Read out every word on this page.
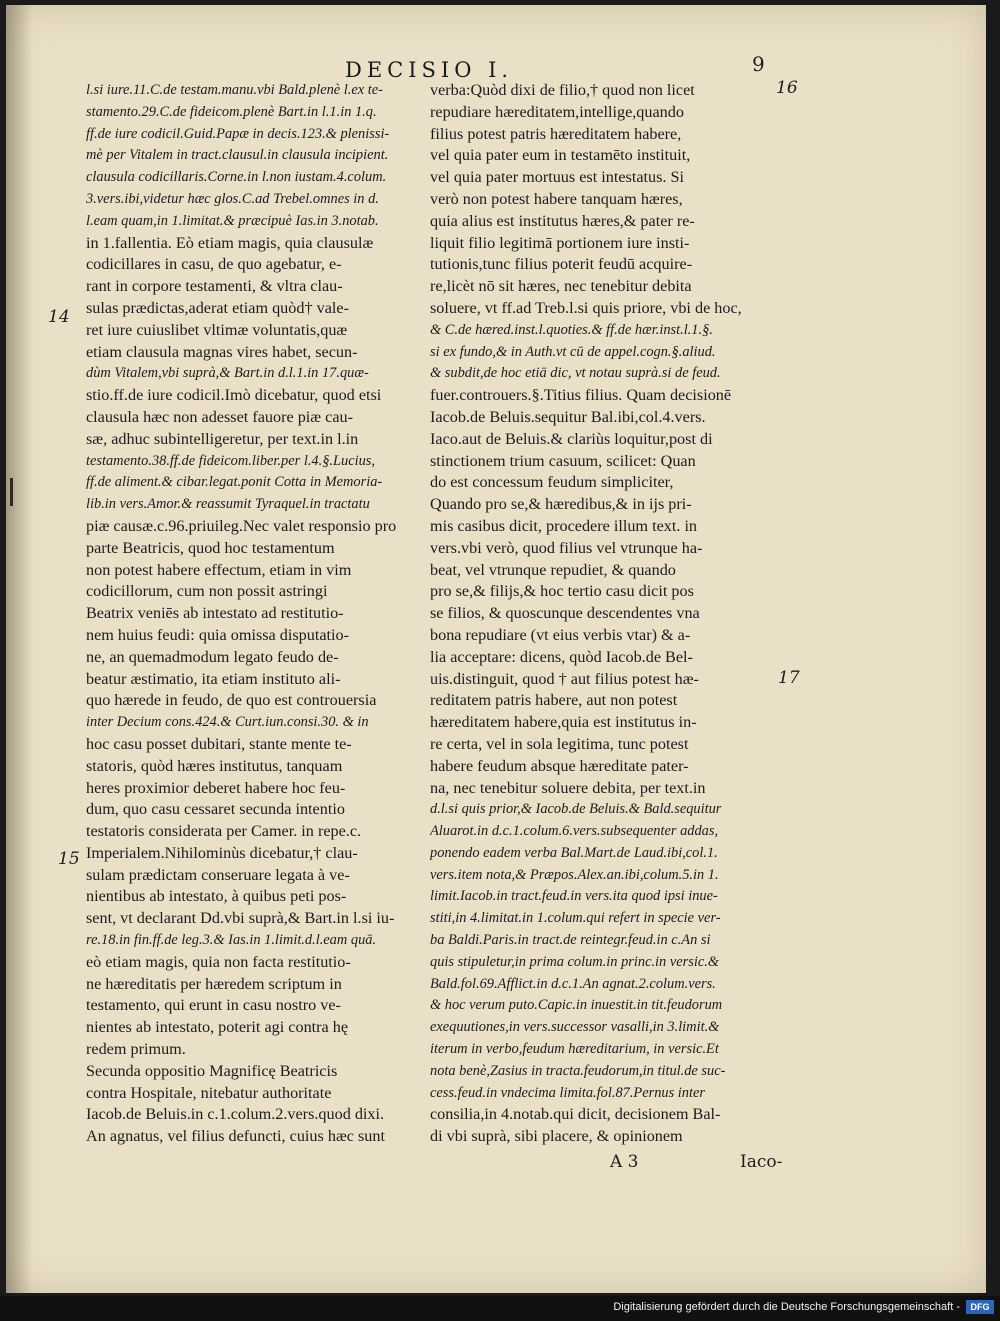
DECISIO I.	9
14
15
16
17
l.si iure.11.C.de testam.manu.vbi Bald.plenè l.ex te-
stamento.29.C.de fideicom.plenè Bart.in l.1.in 1.q.
ff.de iure codicil.Guid.Papæ in decis.123.& plenissi-
mè per Vitalem in tract.clausul.in clausula incipient.
clausula codicillaris.Corne.in l.non iustam.4.colum.
3.vers.ibi,videtur hæc glos.C.ad Trebel.omnes in d.
l.eam quam,in 1.limitat.& præcipuè Ias.in 3.notab.
in 1.fallentia. Eò etiam magis, quia clausulæ
codicillares in casu, de quo agebatur, e-
rant in corpore testamenti, & vltra clau-
sulas prædictas,aderat etiam quòd† vale-
ret iure cuiuslibet vltimæ voluntatis,quæ
etiam clausula magnas vires habet, secun-
dùm Vitalem,vbi suprà,& Bart.in d.l.1.in 17.quæ-
stio.ff.de iure codicil.Imò dicebatur, quod etsi
clausula hæc non adesset fauore piæ cau-
sæ, adhuc subintelligeretur, per text.in l.in
testamento.38.ff.de fideicom.liber.per l.4.§.Lucius,
ff.de aliment.& cibar.legat.ponit Cotta in Memoria-
lib.in vers.Amor.& reassumit Tyraquel.in tractatu
piæ causæ.c.96.priuileg.Nec valet responsio pro
parte Beatricis, quod hoc testamentum
non potest habere effectum, etiam in vim
codicillorum, cum non possit astringi
Beatrix veniēs ab intestato ad restitutio-
nem huius feudi: quia omissa disputatio-
ne, an quemadmodum legato feudo de-
beatur æstimatio, ita etiam instituto ali-
quo hærede in feudo, de quo est controuersia
inter Decium cons.424.& Curt.iun.consi.30. & in
hoc casu posset dubitari, stante mente te-
statoris, quòd hæres institutus, tanquam
heres proximior deberet habere hoc feu-
dum, quo casu cessaret secunda intentio
testatoris considerata per Camer. in repe.c.
Imperialem.Nihilominùs dicebatur,† clau-
sulam prædictam conseruare legata à ve-
nientibus ab intestato, à quibus peti pos-
sent, vt declarant Dd.vbi suprà,& Bart.in l.si iu-
re.18.in fin.ff.de leg.3.& Ias.in 1.limit.d.l.eam quā.
eò etiam magis, quia non facta restitutio-
ne hæreditatis per hæredem scriptum in
testamento, qui erunt in casu nostro ve-
nientes ab intestato, poterit agi contra hę
redem primum.
Secunda oppositio Magnificę Beatricis
contra Hospitale, nitebatur authoritate
Iacob.de Beluis.in c.1.colum.2.vers.quod dixi.
An agnatus, vel filius defuncti, cuius hæc sunt
verba:Quòd dixi de filio,† quod non licet
repudiare hæreditatem,intellige,quando
filius potest patris hæreditatem habere,
vel quia pater eum in testamēto instituit,
vel quia pater mortuus est intestatus. Si
verò non potest habere tanquam hæres,
quia alius est institutus hæres,& pater re-
liquit filio legitimā portionem iure insti-
tutionis,tunc filius poterit feudū acquire-
re,licèt nō sit hæres, nec tenebitur debita
soluere, vt ff.ad Treb.l.si quis priore, vbi de hoc,
& C.de hæred.inst.l.quoties.& ff.de hær.inst.l.1.§.
si ex fundo,& in Auth.vt cū de appel.cogn.§.aliud.
& subdit,de hoc etiā dic, vt notau suprà.si de feud.
fuer.controuers.§.Titius filius. Quam decisionē
Iacob.de Beluis.sequitur Bal.ibi,col.4.vers.
Iaco.aut de Beluis.& clariùs loquitur,post di
stinctionem trium casuum, scilicet: Quan
do est concessum feudum simpliciter,
Quando pro se,& hæredibus,& in ijs pri-
mis casibus dicit, procedere illum text. in
vers.vbi verò, quod filius vel vtrunque ha-
beat, vel vtrunque repudiet, & quando
pro se,& filijs,& hoc tertio casu dicit pos
se filios, & quoscunque descendentes vna
bona repudiare (vt eius verbis vtar) & a-
lia acceptare: dicens, quòd Iacob.de Bel-
uis.distinguit, quod † aut filius potest hæ-
reditatem patris habere, aut non potest
hæreditatem habere,quia est institutus in-
re certa, vel in sola legitima, tunc potest
habere feudum absque hæreditate pater-
na, nec tenebitur soluere debita, per text.in
d.l.si quis prior,& Iacob.de Beluis.& Bald.sequitur
Aluarot.in d.c.1.colum.6.vers.subsequenter addas,
ponendo eadem verba Bal.Mart.de Laud.ibi,col.1.
vers.item nota,& Præpos.Alex.an.ibi,colum.5.in 1.
limit.Iacob.in tract.feud.in vers.ita quod ipsi inue-
stiti,in 4.limitat.in 1.colum.qui refert in specie ver-
ba Baldi.Paris.in tract.de reintegr.feud.in c.An si
quis stipuletur,in prima colum.in princ.in versic.&
Bald.fol.69.Afflict.in d.c.1.An agnat.2.colum.vers.
& hoc verum puto.Capic.in inuestit.in tit.feudorum
exequutiones,in vers.successor vasalli,in 3.limit.&
iterum in verbo,feudum hæreditarium, in versic.Et
nota benè,Zasius in tracta.feudorum,in titul.de suc-
cess.feud.in vndecima limita.fol.87.Pernus inter
consilia,in 4.notab.qui dicit, decisionem Bal-
di vbi suprà, sibi placere, & opinionem
A 3	Iaco-
Digitalisierung gefördert durch die Deutsche Forschungsgemeinschaft -	DFG
